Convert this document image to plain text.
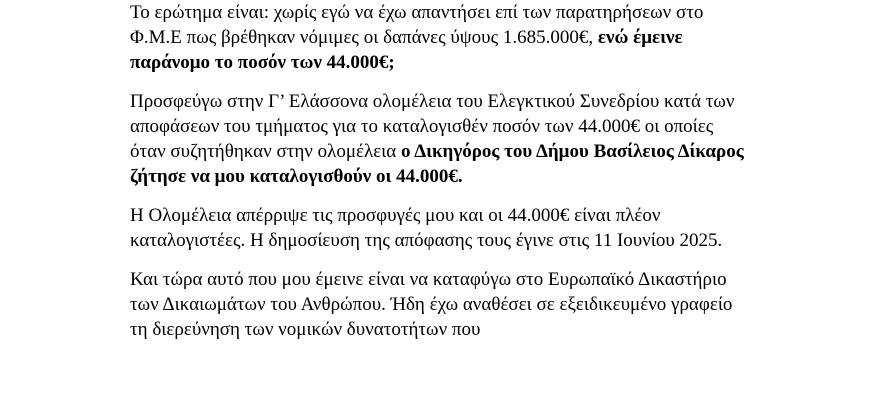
Το ερώτημα είναι: χωρίς εγώ να έχω απαντήσει επί των παρατηρήσεων στο Φ.Μ.Ε πως βρέθηκαν νόμιμες οι δαπάνες ύψους 1.685.000€, ενώ έμεινε παράνομο το ποσόν των 44.000€;

Προσφεύγω στην Γ’ Ελάσσονα ολομέλεια του Ελεγκτικού Συνεδρίου κατά των αποφάσεων του τμήματος για το καταλογισθέν ποσόν των 44.000€ οι οποίες όταν συζητήθηκαν στην ολομέλεια ο Δικηγόρος του Δήμου Βασίλειος Δίκαρος ζήτησε να μου καταλογισθούν οι 44.000€.

Η Ολομέλεια απέρριψε τις προσφυγές μου και οι 44.000€ είναι πλέον καταλογιστέες. Η δημοσίευση της απόφασης τους έγινε στις 11 Ιουνίου 2025.

Και τώρα αυτό που μου έμεινε είναι να καταφύγω στο Ευρωπαϊκό Δικαστήριο των Δικαιωμάτων του Ανθρώπου. Ήδη έχω αναθέσει σε εξειδικευμένο γραφείο τη διερεύνηση των νομικών δυνατοτήτων που
